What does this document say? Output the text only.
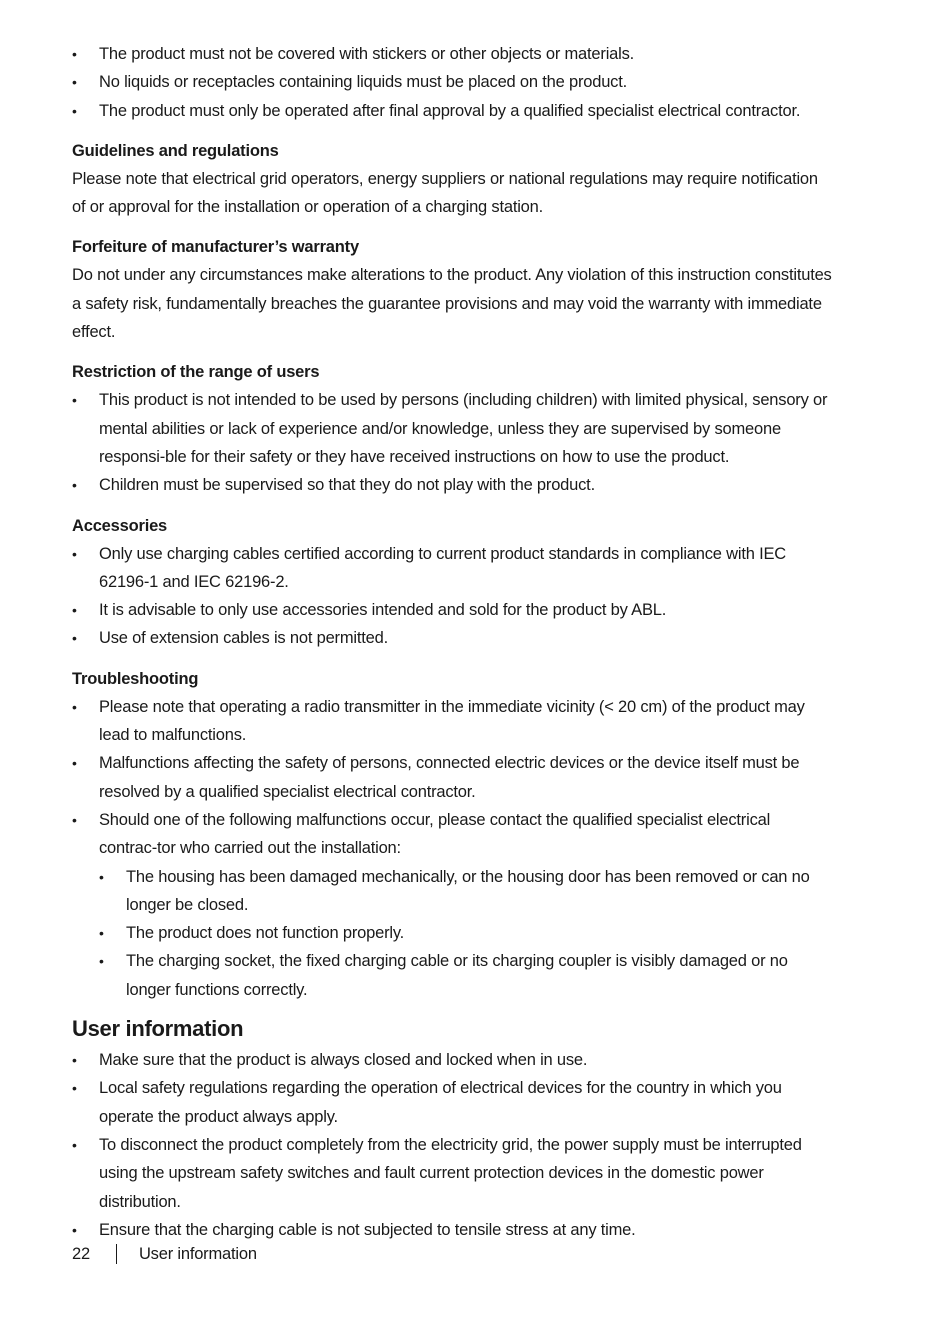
• The product must not be covered with stickers or other objects or materials.
• No liquids or receptacles containing liquids must be placed on the product.
• The product must only be operated after final approval by a qualified specialist electrical contractor.
Guidelines and regulations

Please note that electrical grid operators, energy suppliers or national regulations may require notification of or approval for the installation or operation of a charging station.

Forfeiture of manufacturer’s warranty

Do not under any circumstances make alterations to the product. Any violation of this instruction constitutes a safety risk, fundamentally breaches the guarantee provisions and may void the warranty with immediate effect.

Restriction of the range of users
• This product is not intended to be used by persons (including children) with limited physical, sensory or mental abilities or lack of experience and/or knowledge, unless they are supervised by someone responsi-ble for their safety or they have received instructions on how to use the product.
• Children must be supervised so that they do not play with the product.
Accessories
• Only use charging cables certified according to current product standards in compliance with IEC 62196-1 and IEC 62196-2.
• It is advisable to only use accessories intended and sold for the product by ABL.
• Use of extension cables is not permitted.
Troubleshooting
• Please note that operating a radio transmitter in the immediate vicinity (< 20 cm) of the product may lead to malfunctions.
• Malfunctions affecting the safety of persons, connected electric devices or the device itself must be resolved by a qualified specialist electrical contractor.
• Should one of the following malfunctions occur, please contact the qualified specialist electrical contrac-tor who carried out the installation:
• The housing has been damaged mechanically, or the housing door has been removed or can no longer be closed.
• The product does not function properly.
• The charging socket, the fixed charging cable or its charging coupler is visibly damaged or no longer functions correctly.
User information
• Make sure that the product is always closed and locked when in use.
• Local safety regulations regarding the operation of electrical devices for the country in which you operate the product always apply.
• To disconnect the product completely from the electricity grid, the power supply must be interrupted using the upstream safety switches and fault current protection devices in the domestic power distribution.
• Ensure that the charging cable is not subjected to tensile stress at any time.
22	User information
